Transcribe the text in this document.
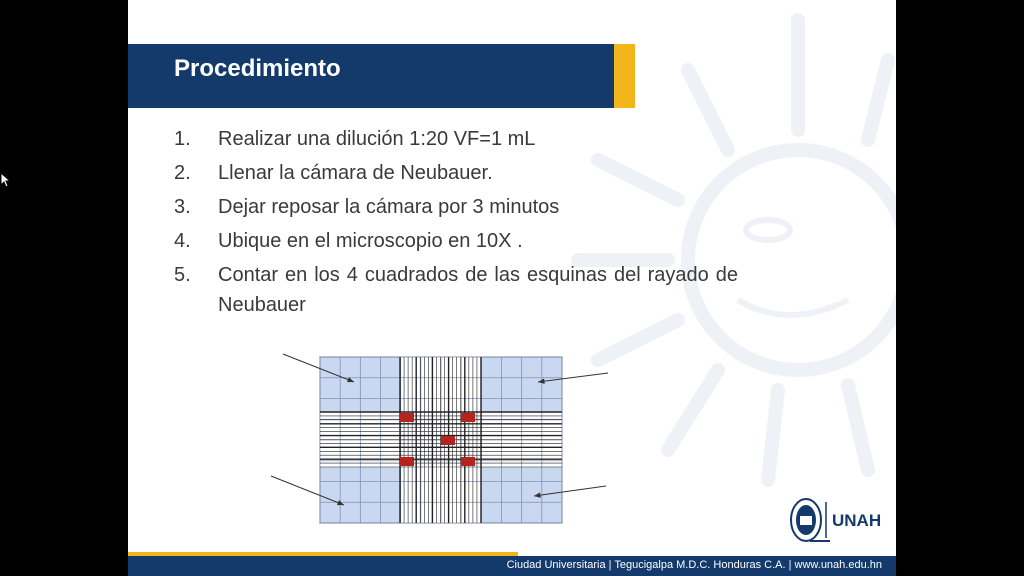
Procedimiento
1.	Realizar una dilución 1:20 VF=1 mL
2.	Llenar la cámara de Neubauer.
3.	Dejar reposar la cámara por 3 minutos
4.	Ubique en el microscopio en 10X .
5.	Contar en los 4 cuadrados de las esquinas del rayado de Neubauer
Ciudad Universitaria | Tegucigalpa M.D.C. Honduras C.A. | www.unah.edu.hn
UNAH
